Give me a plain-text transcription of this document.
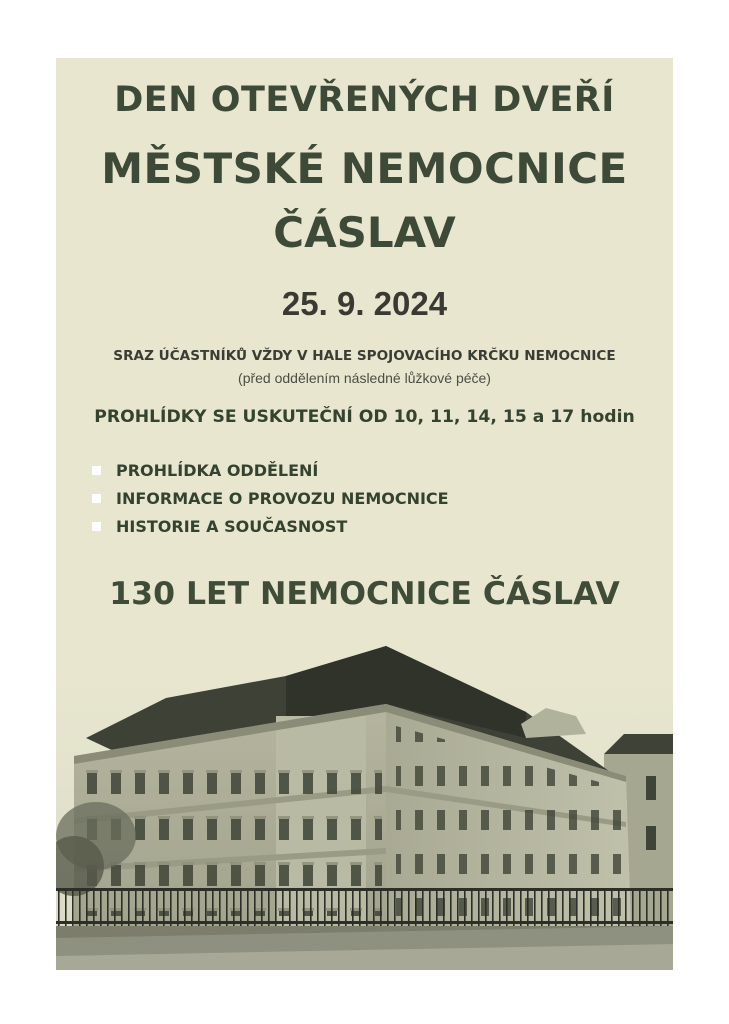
DEN OTEVŘENÝCH DVEŘÍ
MĚSTSKÉ NEMOCNICE
ČÁSLAV
25. 9. 2024
SRAZ ÚČASTNÍKŮ VŽDY V HALE SPOJOVACÍHO KRČKU NEMOCNICE
(před oddělením následné lůžkové péče)
PROHLÍDKY SE USKUTEČNÍ OD 10, 11, 14, 15 a 17 hodin
PROHLÍDKA ODDĚLENÍ
INFORMACE O PROVOZU NEMOCNICE
HISTORIE A SOUČASNOST
130 LET NEMOCNICE ČÁSLAV
